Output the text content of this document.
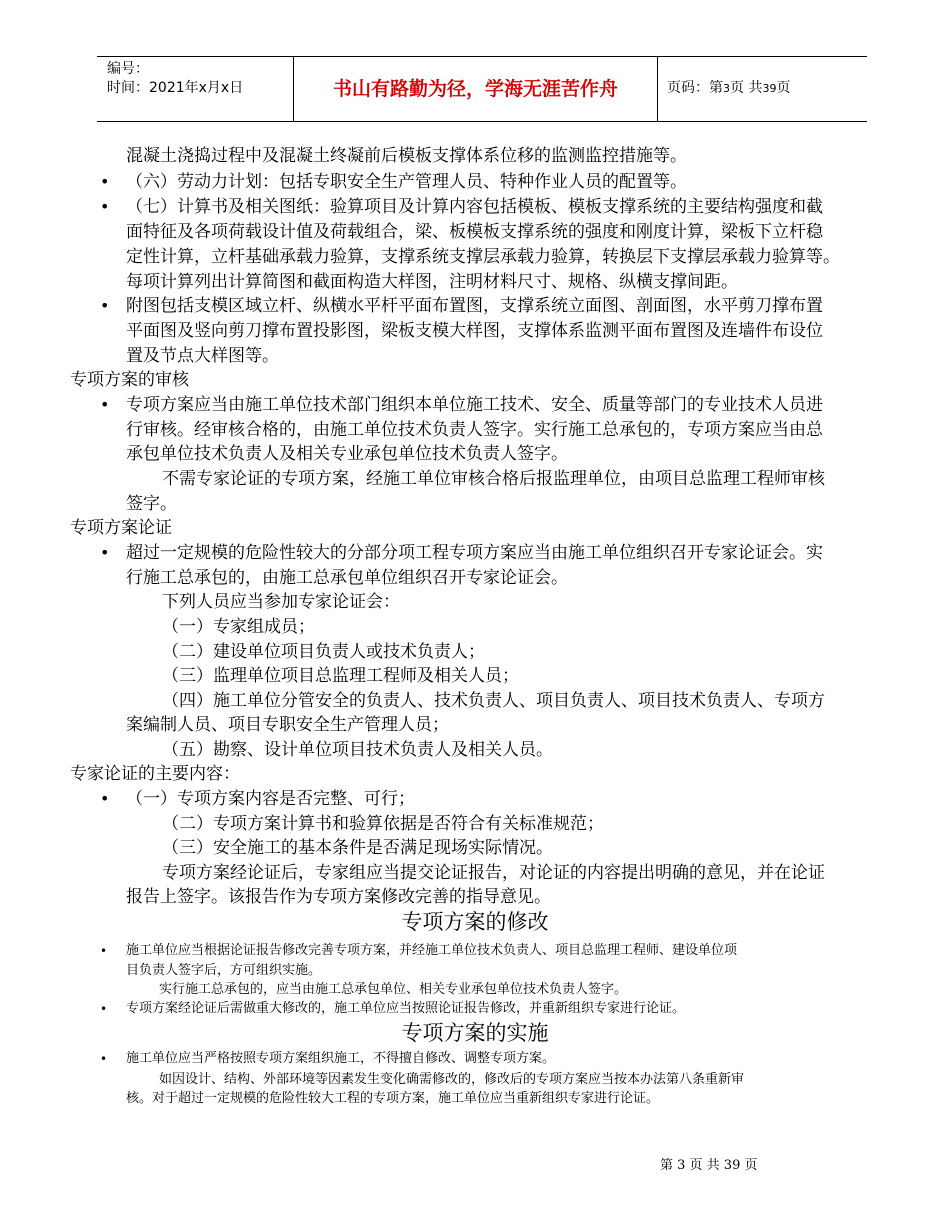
编号：
时间：2021年x月x日	书山有路勤为径，学海无涯苦作舟	页码：第3页 共39页
混凝土浇捣过程中及混凝土终凝前后模板支撑体系位移的监测监控措施等。
• （六）劳动力计划：包括专职安全生产管理人员、特种作业人员的配置等。
• （七）计算书及相关图纸：验算项目及计算内容包括模板、模板支撑系统的主要结构强度和截
面特征及各项荷载设计值及荷载组合，梁、板模板支撑系统的强度和刚度计算，梁板下立杆稳
定性计算，立杆基础承载力验算，支撑系统支撑层承载力验算，转换层下支撑层承载力验算等。
每项计算列出计算简图和截面构造大样图，注明材料尺寸、规格、纵横支撑间距。
• 附图包括支模区域立杆、纵横水平杆平面布置图，支撑系统立面图、剖面图，水平剪刀撑布置
平面图及竖向剪刀撑布置投影图，梁板支模大样图，支撑体系监测平面布置图及连墙件布设位
置及节点大样图等。
专项方案的审核
• 专项方案应当由施工单位技术部门组织本单位施工技术、安全、质量等部门的专业技术人员进
行审核。经审核合格的，由施工单位技术负责人签字。实行施工总承包的，专项方案应当由总
承包单位技术负责人及相关专业承包单位技术负责人签字。
不需专家论证的专项方案，经施工单位审核合格后报监理单位，由项目总监理工程师审核
签字。
专项方案论证
• 超过一定规模的危险性较大的分部分项工程专项方案应当由施工单位组织召开专家论证会。实
行施工总承包的，由施工总承包单位组织召开专家论证会。
下列人员应当参加专家论证会：
（一）专家组成员；
（二）建设单位项目负责人或技术负责人；
（三）监理单位项目总监理工程师及相关人员；
（四）施工单位分管安全的负责人、技术负责人、项目负责人、项目技术负责人、专项方
案编制人员、项目专职安全生产管理人员；
（五）勘察、设计单位项目技术负责人及相关人员。
专家论证的主要内容：
• （一）专项方案内容是否完整、可行；
（二）专项方案计算书和验算依据是否符合有关标准规范；
（三）安全施工的基本条件是否满足现场实际情况。
专项方案经论证后，专家组应当提交论证报告，对论证的内容提出明确的意见，并在论证
报告上签字。该报告作为专项方案修改完善的指导意见。
专项方案的修改
• 施工单位应当根据论证报告修改完善专项方案，并经施工单位技术负责人、项目总监理工程师、建设单位项
目负责人签字后，方可组织实施。
实行施工总承包的，应当由施工总承包单位、相关专业承包单位技术负责人签字。
• 专项方案经论证后需做重大修改的，施工单位应当按照论证报告修改，并重新组织专家进行论证。
专项方案的实施
• 施工单位应当严格按照专项方案组织施工，不得擅自修改、调整专项方案。
如因设计、结构、外部环境等因素发生变化确需修改的，修改后的专项方案应当按本办法第八条重新审
核。对于超过一定规模的危险性较大工程的专项方案，施工单位应当重新组织专家进行论证。
第 3 页 共 39 页
